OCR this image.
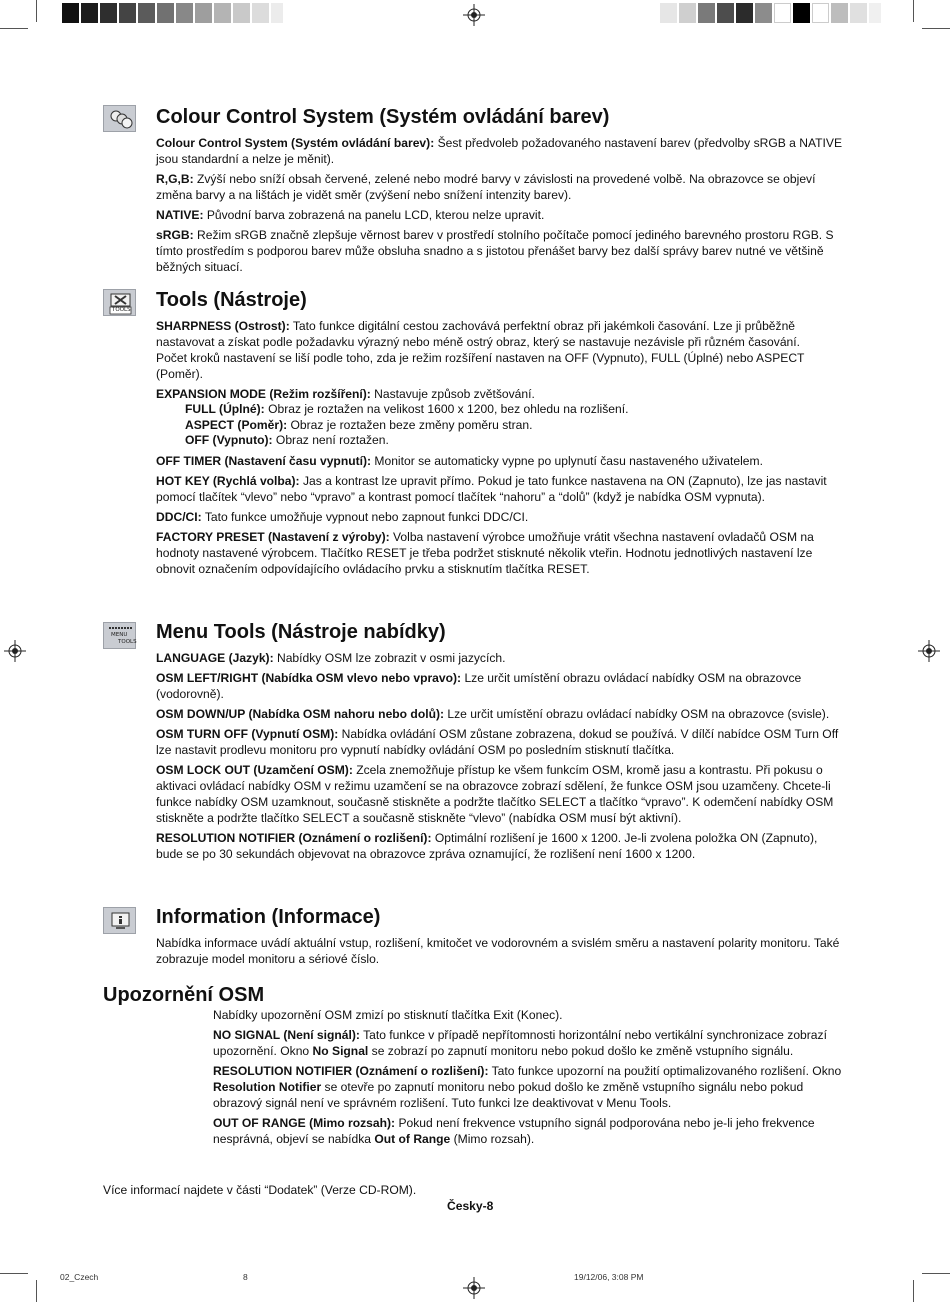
TOOLS
MENU
TOOLS
Colour Control System (Systém ovládání barev)
Colour Control System (Systém ovládání barev): Šest předvoleb požadovaného nastavení barev (předvolby sRGB a NATIVE jsou standardní a nelze je měnit).
R,G,B: Zvýší nebo sníží obsah červené, zelené nebo modré barvy v závislosti na provedené volbě. Na obrazovce se objeví změna barvy a na lištách je vidět směr (zvýšení nebo snížení intenzity barev).
NATIVE: Původní barva zobrazená na panelu LCD, kterou nelze upravit.
sRGB: Režim sRGB značně zlepšuje věrnost barev v prostředí stolního počítače pomocí jediného barevného prostoru RGB. S tímto prostředím s podporou barev může obsluha snadno a s jistotou přenášet barvy bez další správy barev nutné ve většině běžných situací.
Tools (Nástroje)
SHARPNESS (Ostrost): Tato funkce digitální cestou zachovává perfektní obraz při jakémkoli časování. Lze ji průběžně nastavovat a získat podle požadavku výrazný nebo méně ostrý obraz, který se nastavuje nezávisle při různém časování.
Počet kroků nastavení se liší podle toho, zda je režim rozšíření nastaven na OFF (Vypnuto), FULL (Úplné) nebo ASPECT (Poměr).
EXPANSION MODE (Režim rozšíření): Nastavuje způsob zvětšování.
FULL (Úplné): Obraz je roztažen na velikost 1600 x 1200, bez ohledu na rozlišení.
ASPECT (Poměr): Obraz je roztažen beze změny poměru stran.
OFF (Vypnuto): Obraz není roztažen.
OFF TIMER (Nastavení času vypnutí): Monitor se automaticky vypne po uplynutí času nastaveného uživatelem.
HOT KEY (Rychlá volba): Jas a kontrast lze upravit přímo. Pokud je tato funkce nastavena na ON (Zapnuto), lze jas nastavit pomocí tlačítek “vlevo” nebo “vpravo” a kontrast pomocí tlačítek “nahoru” a “dolů” (když je nabídka OSM vypnuta).
DDC/CI: Tato funkce umožňuje vypnout nebo zapnout funkci DDC/CI.
FACTORY PRESET (Nastavení z výroby): Volba nastavení výrobce umožňuje vrátit všechna nastavení ovladačů OSM na hodnoty nastavené výrobcem. Tlačítko RESET je třeba podržet stisknuté několik vteřin. Hodnotu jednotlivých nastavení lze obnovit označením odpovídajícího ovládacího prvku a stisknutím tlačítka RESET.
Menu Tools (Nástroje nabídky)
LANGUAGE (Jazyk): Nabídky OSM lze zobrazit v osmi jazycích.
OSM LEFT/RIGHT (Nabídka OSM vlevo nebo vpravo): Lze určit umístění obrazu ovládací nabídky OSM na obrazovce (vodorovně).
OSM DOWN/UP (Nabídka OSM nahoru nebo dolů): Lze určit umístění obrazu ovládací nabídky OSM na obrazovce (svisle).
OSM TURN OFF (Vypnutí OSM): Nabídka ovládání OSM zůstane zobrazena, dokud se používá. V dílčí nabídce OSM Turn Off lze nastavit prodlevu monitoru pro vypnutí nabídky ovládání OSM po posledním stisknutí tlačítka.
OSM LOCK OUT (Uzamčení OSM): Zcela znemožňuje přístup ke všem funkcím OSM, kromě jasu a kontrastu. Při pokusu o aktivaci ovládací nabídky OSM v režimu uzamčení se na obrazovce zobrazí sdělení, že funkce OSM jsou uzamčeny. Chcete-li funkce nabídky OSM uzamknout, současně stiskněte a podržte tlačítko SELECT a tlačítko “vpravo”. K odemčení nabídky OSM stiskněte a podržte tlačítko SELECT a současně stiskněte “vlevo” (nabídka OSM musí být aktivní).
RESOLUTION NOTIFIER (Oznámení o rozlišení): Optimální rozlišení je 1600 x 1200. Je-li zvolena položka ON (Zapnuto), bude se po 30 sekundách objevovat na obrazovce zpráva oznamující, že rozlišení není 1600 x 1200.
Information (Informace)
Nabídka informace uvádí aktuální vstup, rozlišení, kmitočet ve vodorovném a svislém směru a nastavení polarity monitoru. Také zobrazuje model monitoru a sériové číslo.
Upozornění OSM
Nabídky upozornění OSM zmizí po stisknutí tlačítka Exit (Konec).
NO SIGNAL (Není signál): Tato funkce v případě nepřítomnosti horizontální nebo vertikální synchronizace zobrazí upozornění. Okno No Signal se zobrazí po zapnutí monitoru nebo pokud došlo ke změně vstupního signálu.
RESOLUTION NOTIFIER (Oznámení o rozlišení): Tato funkce upozorní na použití optimalizovaného rozlišení. Okno Resolution Notifier se otevře po zapnutí monitoru nebo pokud došlo ke změně vstupního signálu nebo pokud obrazový signál není ve správném rozlišení. Tuto funkci lze deaktivovat v Menu Tools.
OUT OF RANGE (Mimo rozsah): Pokud není frekvence vstupního signál podporována nebo je-li jeho frekvence nesprávná, objeví se nabídka Out of Range (Mimo rozsah).
Více informací najdete v části “Dodatek” (Verze CD-ROM).
Česky-8
02_Czech	8	19/12/06, 3:08 PM
